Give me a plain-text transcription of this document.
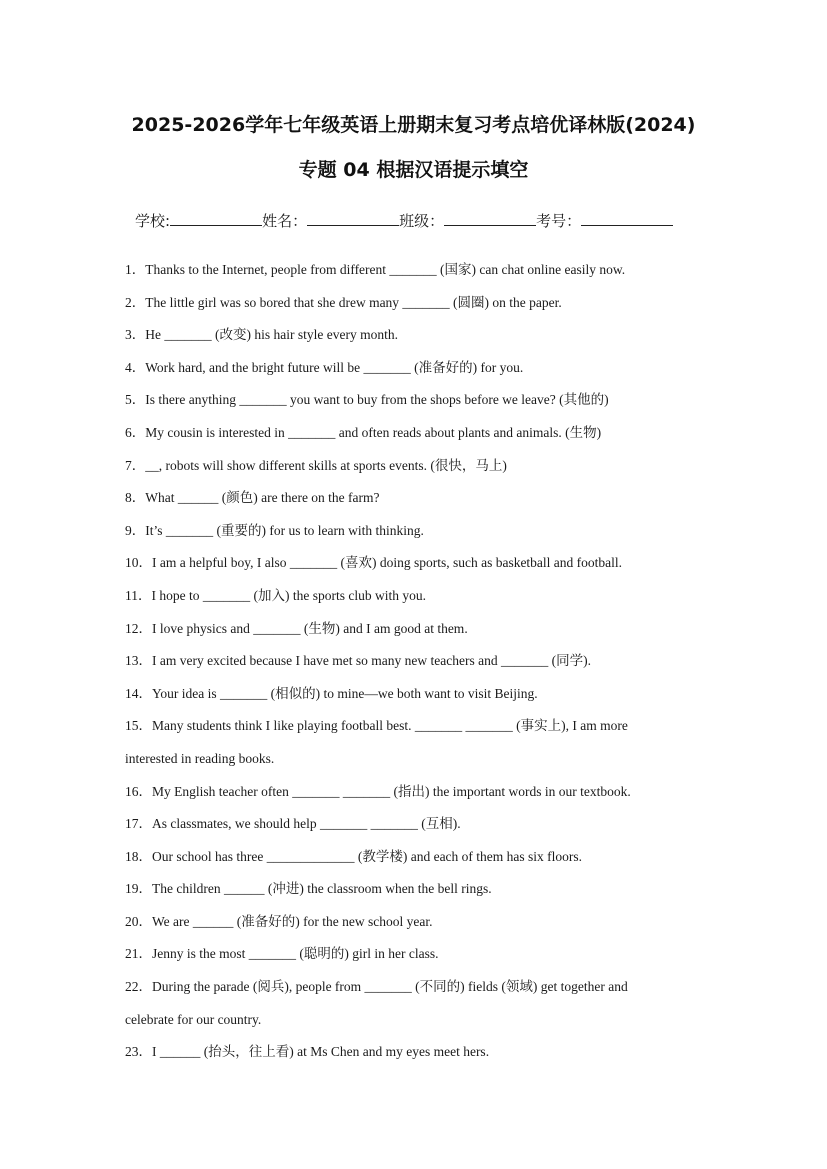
2025-2026学年七年级英语上册期末复习考点培优译林版(2024)
专题 04 根据汉语提示填空
学校:	姓名：	班级：	考号：
1．Thanks to the Internet, people from different _______ (国家) can chat online easily now.
2．The little girl was so bored that she drew many _______ (圆圈) on the paper.
3．He _______ (改变) his hair style every month.
4．Work hard, and the bright future will be _______ (准备好的) for you.
5．Is there anything _______ you want to buy from the shops before we leave? (其他的)
6．My cousin is interested in _______ and often reads about plants and animals. (生物)
7．__, robots will show different skills at sports events. (很快，马上)
8．What ______ (颜色) are there on the farm?
9．It’s _______ (重要的) for us to learn with thinking.
10．I am a helpful boy, I also _______ (喜欢) doing sports, such as basketball and football.
11．I hope to _______ (加入) the sports club with you.
12．I love physics and _______ (生物) and I am good at them.
13．I am very excited because I have met so many new teachers and _______ (同学).
14．Your idea is _______ (相似的) to mine—we both want to visit Beijing.
15．Many students think I like playing football best. _______ _______ (事实上), I am more
interested in reading books.
16．My English teacher often _______ _______ (指出) the important words in our textbook.
17．As classmates, we should help _______ _______ (互相).
18．Our school has three _____________ (教学楼) and each of them has six floors.
19．The children ______ (冲进) the classroom when the bell rings.
20．We are ______ (准备好的) for the new school year.
21．Jenny is the most _______ (聪明的) girl in her class.
22．During the parade (阅兵), people from _______ (不同的) fields (领域) get together and
celebrate for our country.
23．I ______ (抬头，往上看) at Ms Chen and my eyes meet hers.
